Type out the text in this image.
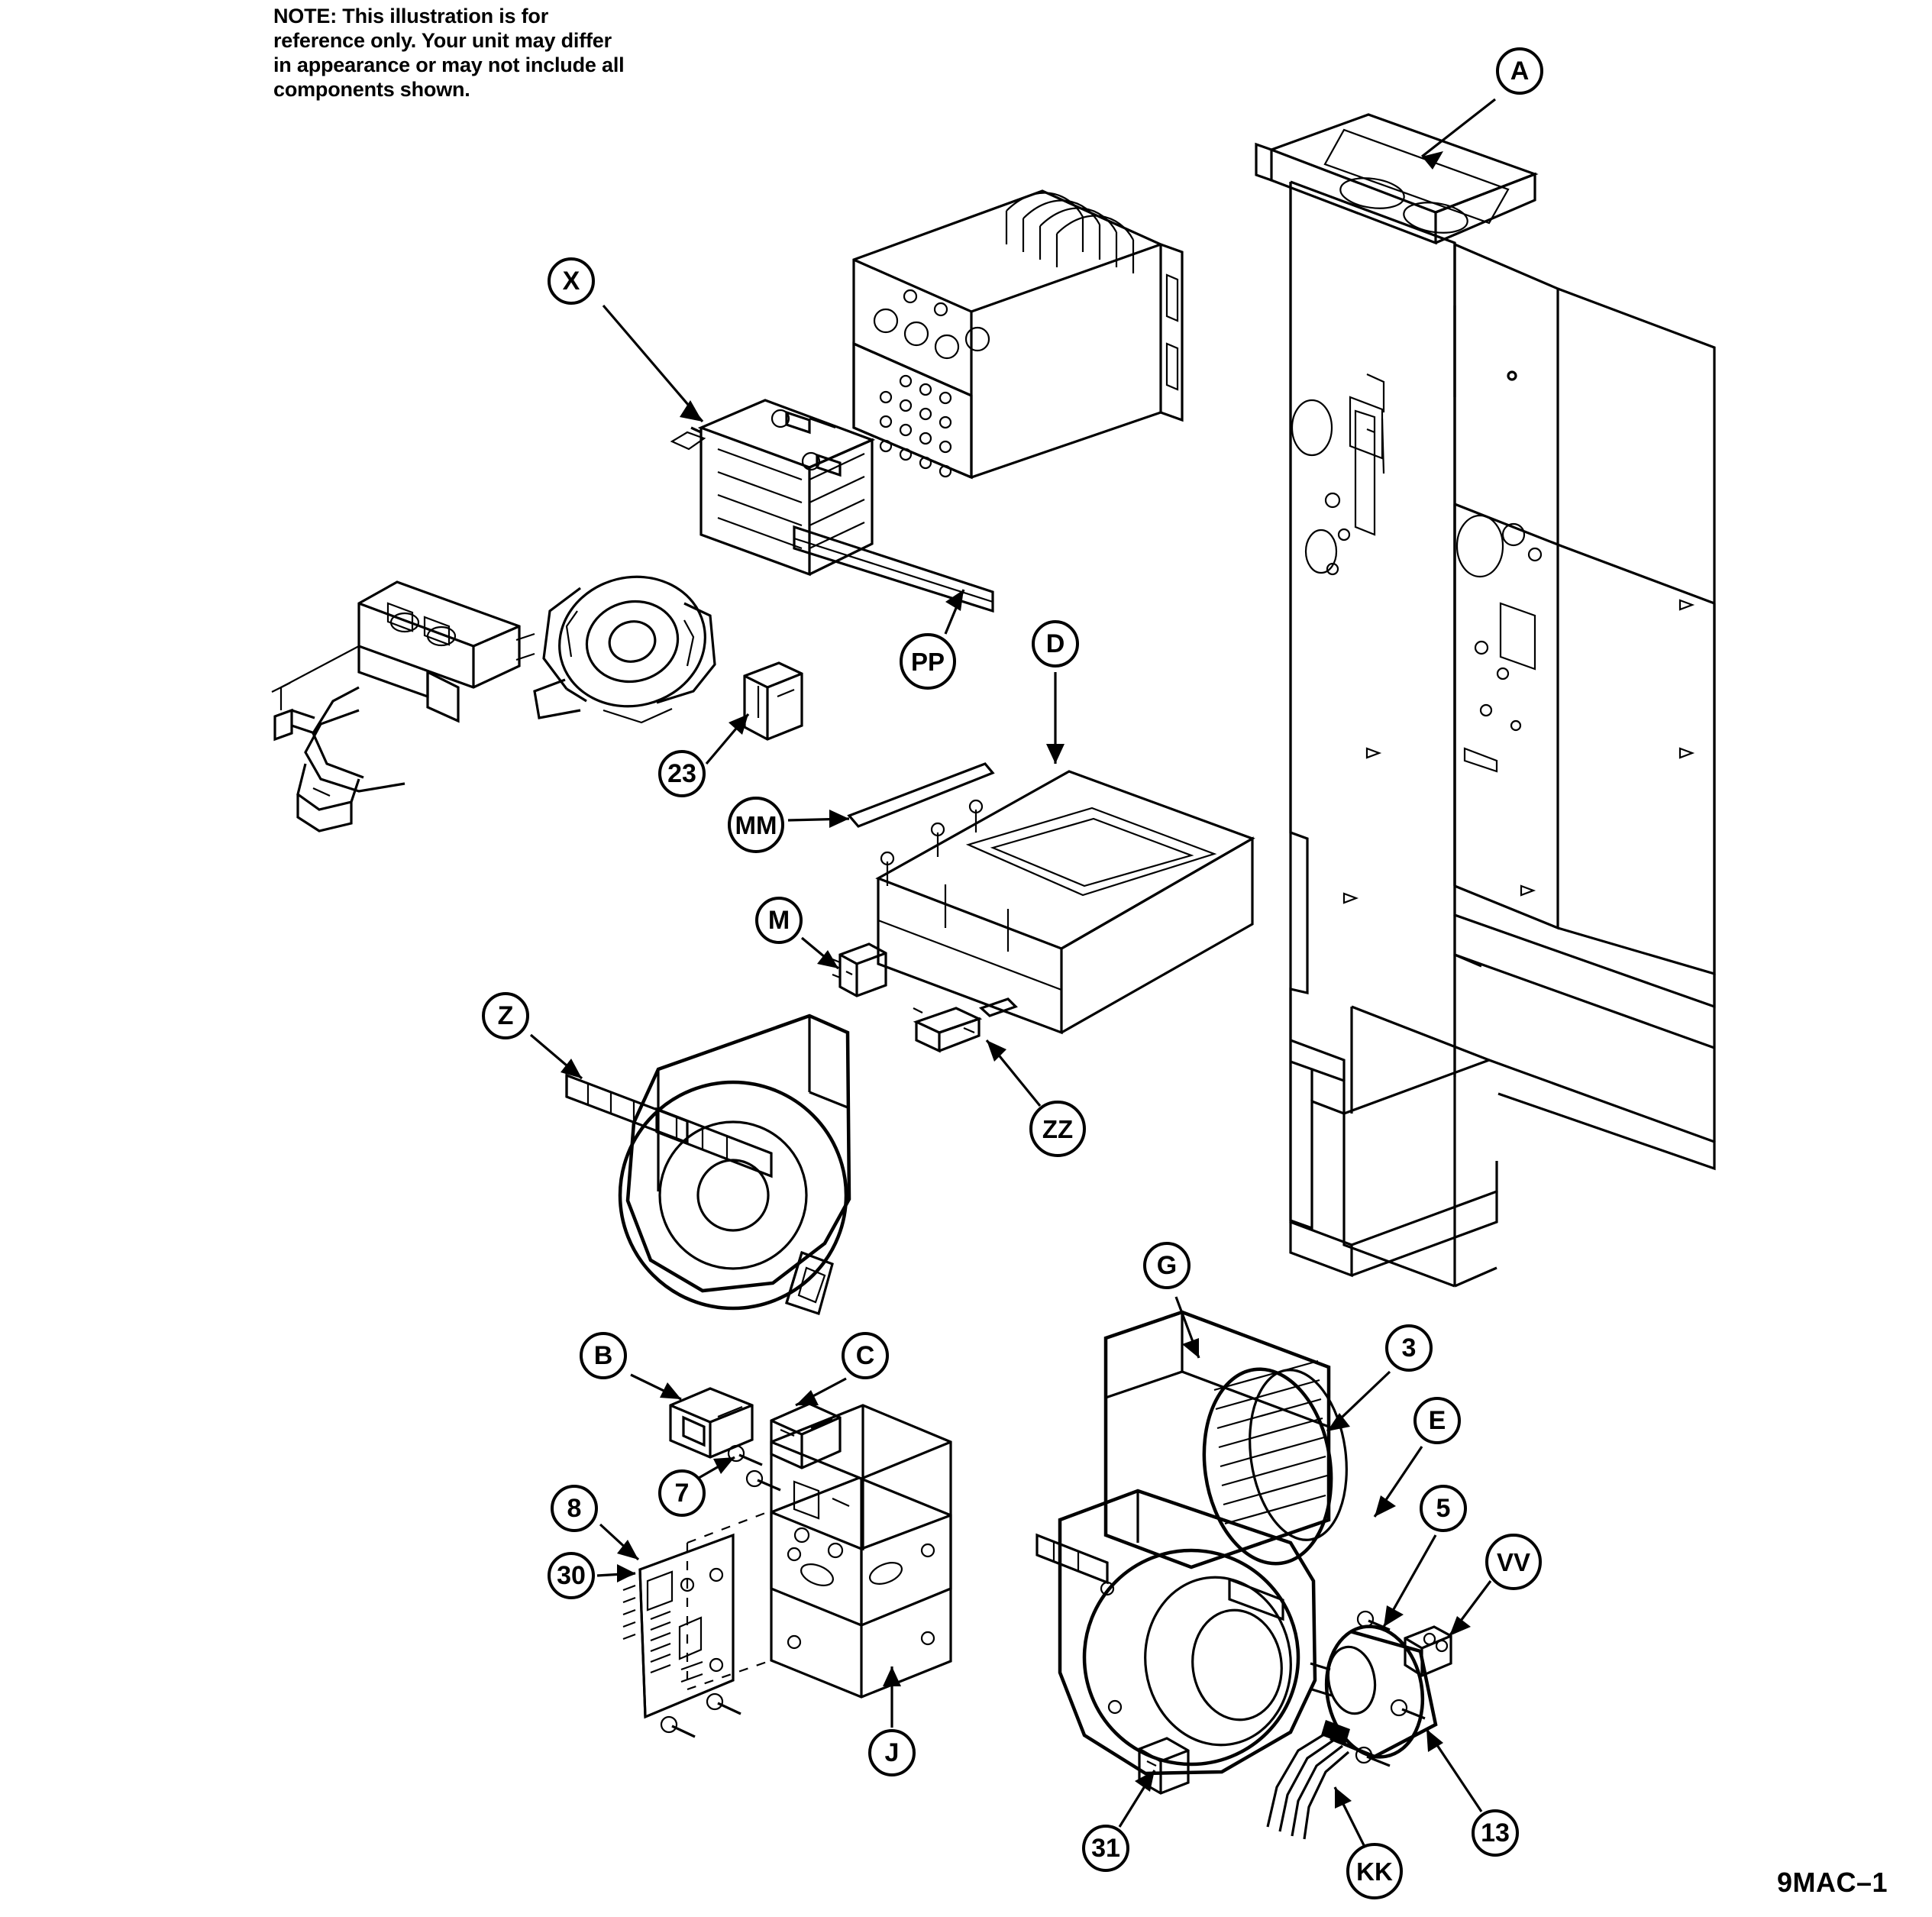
NOTE: This illustration is for reference only. Your unit may differ in appearance or may not include all components shown.
A
X
PP
D
23
MM
M
Z
ZZ
G
B	C	3
E
7
5
8
30	VV
13
J
31
KK	9MAC–1
